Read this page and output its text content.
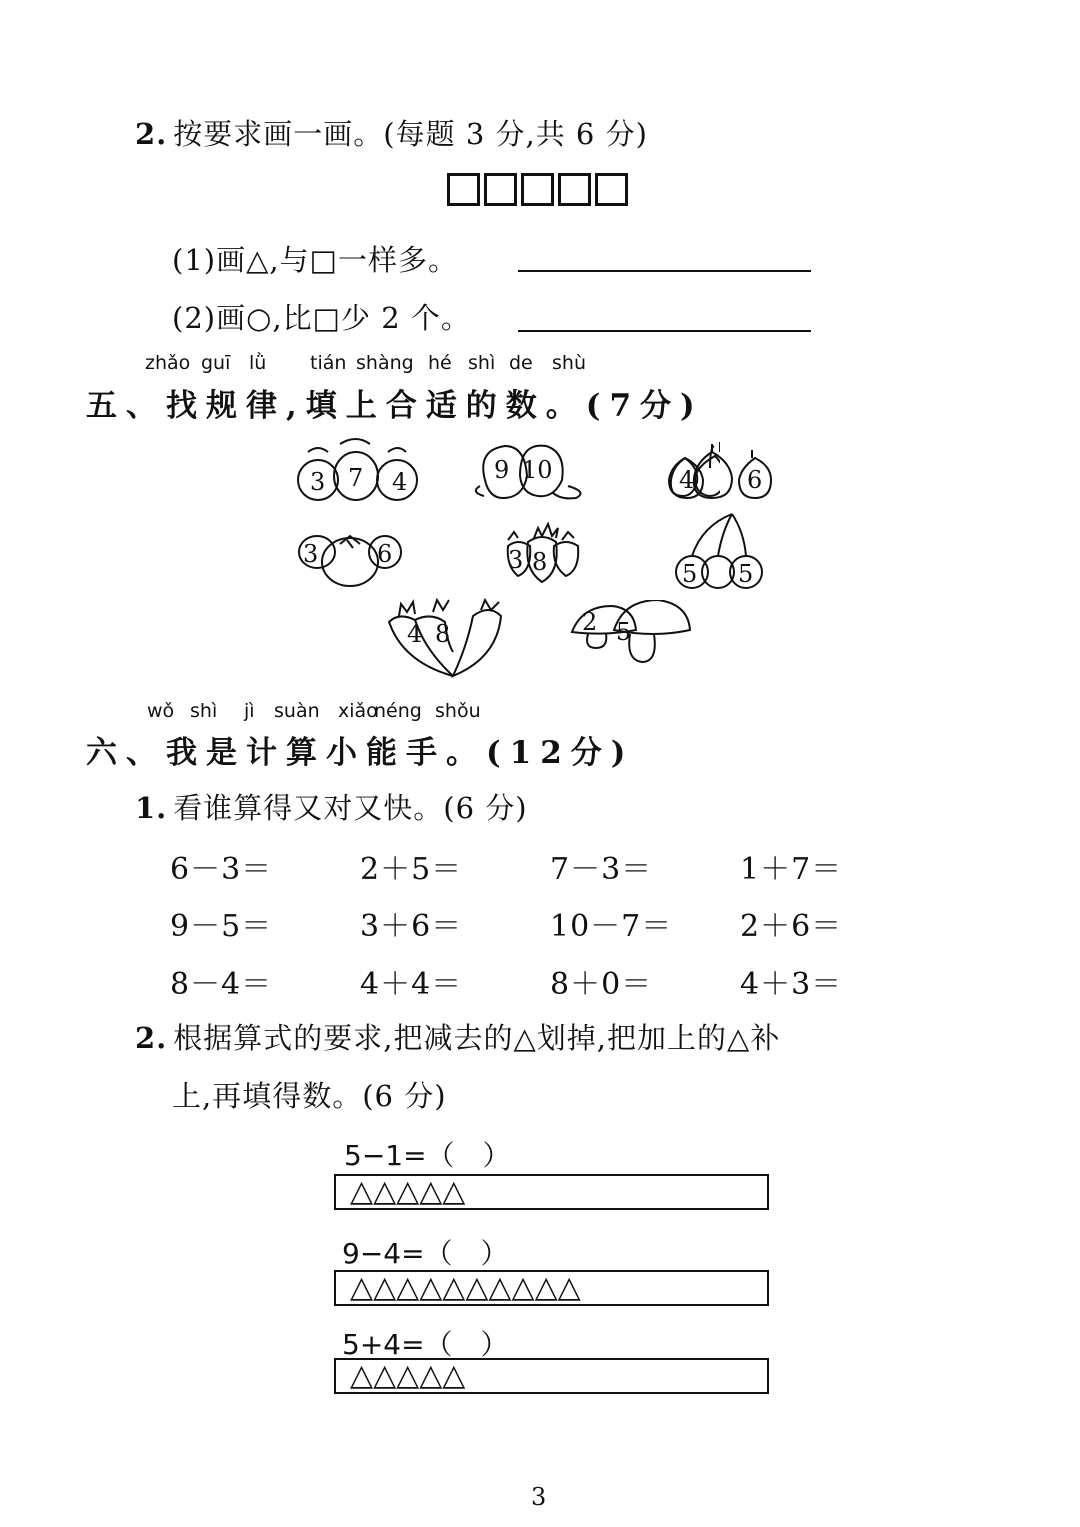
2. 按要求画一画。(每题 3 分,共 6 分)
(1)画△,与□一样多。
(2)画○,比□少 2 个。
zhǎo guī lǜ tián shàng hé shì de shù
五、找规律,填上合适的数。(7分)
3 7 4	9 10	4 6
3 6	3 8	5 5
4 8	2 5
wǒ shì jì suàn xiǎo
néng shǒu
六、我是计算小能手。(12分)
1. 看谁算得又对又快。(6 分)
6－3＝	2＋5＝	7－3＝	1＋7＝
9－5＝	3＋6＝	10－7＝ 2＋6＝
8－4＝	4＋4＝	8＋0＝	4＋3＝
2. 根据算式的要求,把减去的△划掉,把加上的△补
上,再填得数。(6 分)
5−1=（　）
△△△△△
9−4=（　）
△△△△△△△△△△
5+4=（　）
△△△△△
3
